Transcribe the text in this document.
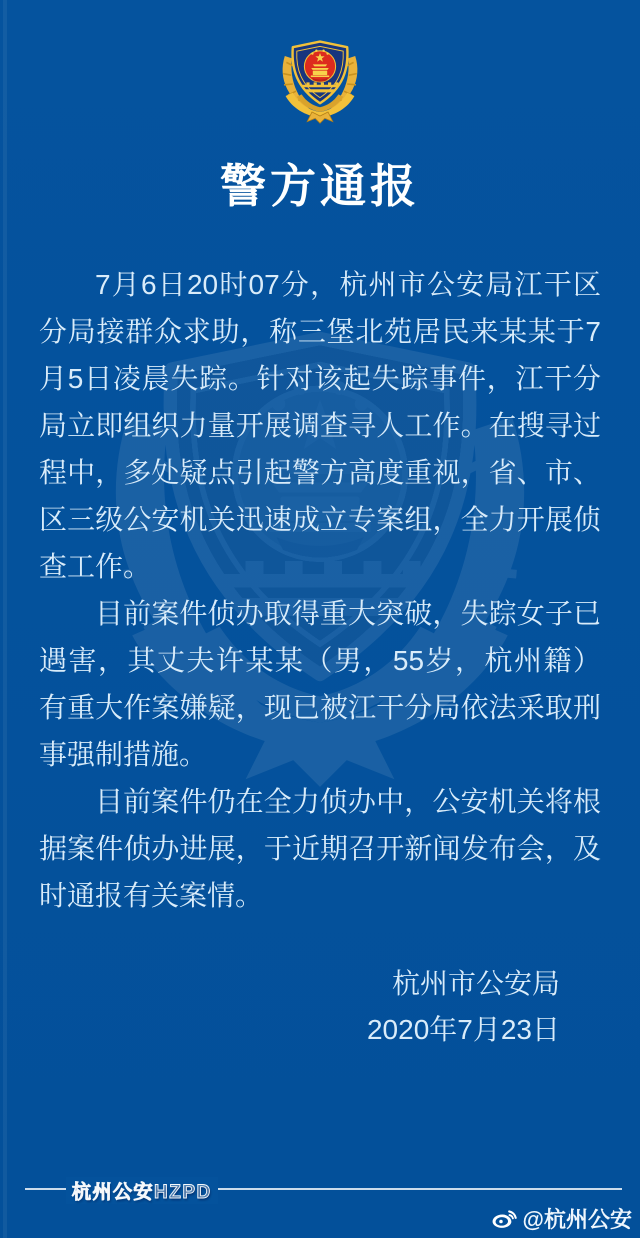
警方通报

7月6日20时07分，杭州市公安局江干区分局接群众求助，称三堡北苑居民来某某于7月5日凌晨失踪。针对该起失踪事件，江干分局立即组织力量开展调查寻人工作。在搜寻过程中，多处疑点引起警方高度重视，省、市、区三级公安机关迅速成立专案组，全力开展侦查工作。

目前案件侦办取得重大突破，失踪女子已遇害，其丈夫许某某（男，55岁，杭州籍）有重大作案嫌疑，现已被江干分局依法采取刑事强制措施。

目前案件仍在全力侦办中，公安机关将根据案件侦办进展，于近期召开新闻发布会，及时通报有关案情。

杭州市公安局
2020年7月23日
杭州公安HZPD
@杭州公安
